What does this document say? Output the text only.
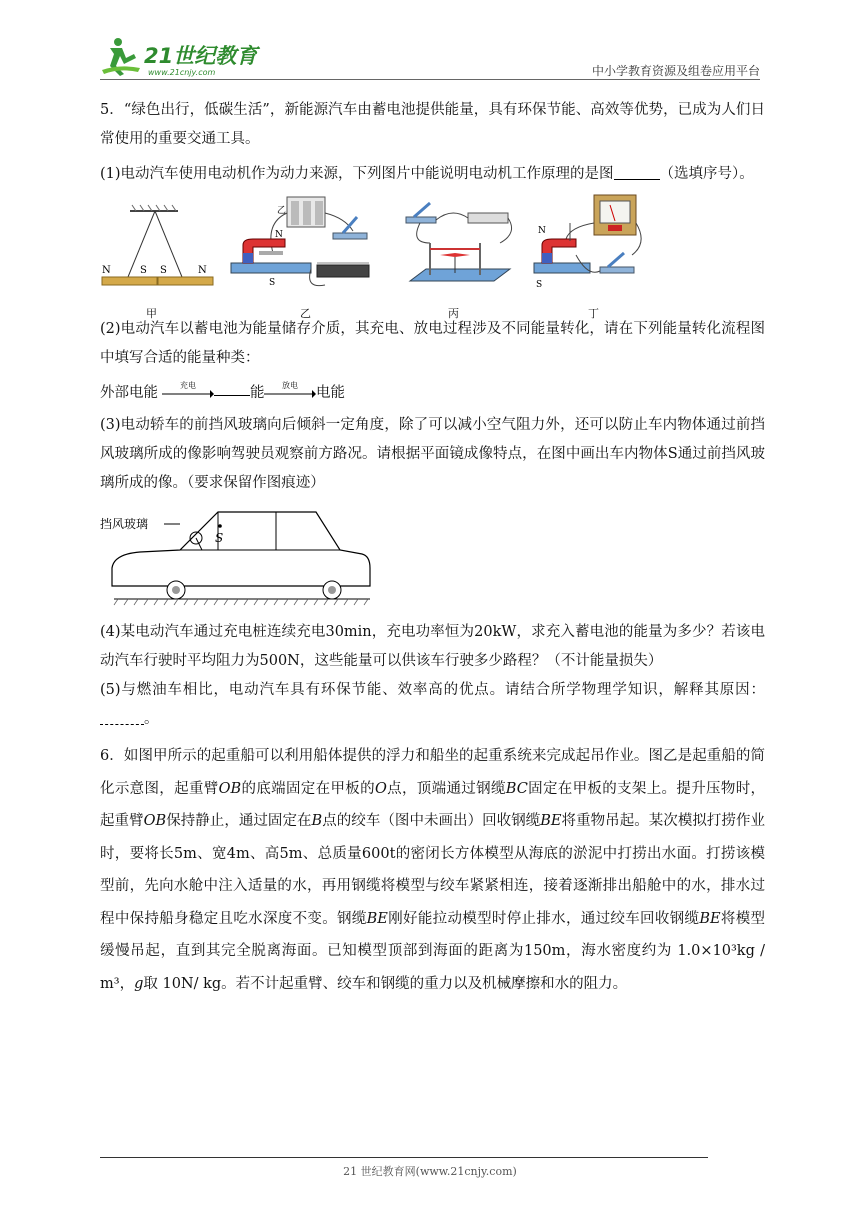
21世纪教育
www.21cnjy.com	中小学教育资源及组卷应用平台

5．“绿色出行，低碳生活”，新能源汽车由蓄电池提供能量，具有环保节能、高效等优势，已成为人们日常使用的重要交通工具。

(1)电动汽车使用电动机作为动力来源，下列图片中能说明电动机工作原理的是图	（选填序号）。

N	S S	N
甲
乙
N
S
乙	丙
N
S
丁

(2)电动汽车以蓄电池为能量储存介质，其充电、放电过程涉及不同能量转化，请在下列能量转化流程图中填写合适的能量种类：

外部电能	充电	能 放电 电能

(3)电动轿车的前挡风玻璃向后倾斜一定角度，除了可以减小空气阻力外，还可以防止车内物体通过前挡风玻璃所成的像影响驾驶员观察前方路况。请根据平面镜成像特点，在图中画出车内物体S通过前挡风玻璃所成的像。（要求保留作图痕迹）

挡风玻璃
S

(4)某电动汽车通过充电桩连续充电30min，充电功率恒为20kW，求充入蓄电池的能量为多少？若该电动汽车行驶时平均阻力为500N，这些能量可以供该车行驶多少路程？（不计能量损失）

(5)与燃油车相比，电动汽车具有环保节能、效率高的优点。请结合所学物理学知识，解释其原因：。

6．如图甲所示的起重船可以利用船体提供的浮力和船坐的起重系统来完成起吊作业。图乙是起重船的简化示意图，起重臂OB的底端固定在甲板的O点，顶端通过钢缆BC固定在甲板的支架上。提升压物时，起重臂OB保持静止，通过固定在B点的绞车（图中未画出）回收钢缆BE将重物吊起。某次模拟打捞作业时，要将长5m、宽4m、高5m、总质量600t的密闭长方体模型从海底的淤泥中打捞出水面。打捞该模型前，先向水舱中注入适量的水，再用钢缆将模型与绞车紧紧相连，接着逐渐排出船舱中的水，排水过程中保持船身稳定且吃水深度不变。钢缆BE刚好能拉动模型时停止排水，通过绞车回收钢缆BE将模型缓慢吊起，直到其完全脱离海面。已知模型顶部到海面的距离为150m，海水密度约为 1.0×10³kg / m³，g取 10N/ kg。若不计起重臂、绞车和钢缆的重力以及机械摩擦和水的阻力。

21 世纪教育网(www.21cnjy.com)
